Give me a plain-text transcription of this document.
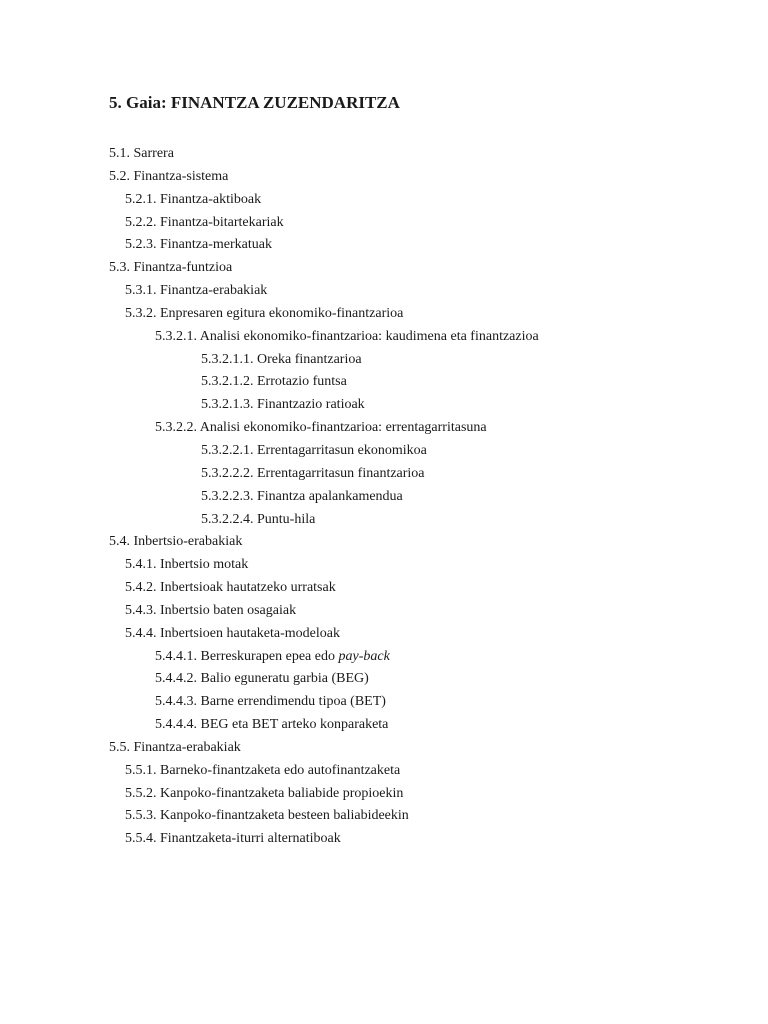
5. Gaia: FINANTZA ZUZENDARITZA
5.1. Sarrera
5.2. Finantza-sistema
5.2.1. Finantza-aktiboak
5.2.2. Finantza-bitartekariak
5.2.3. Finantza-merkatuak
5.3. Finantza-funtzioa
5.3.1. Finantza-erabakiak
5.3.2. Enpresaren egitura ekonomiko-finantzarioa
5.3.2.1. Analisi ekonomiko-finantzarioa: kaudimena eta finantzazioa
5.3.2.1.1. Oreka finantzarioa
5.3.2.1.2. Errotazio funtsa
5.3.2.1.3. Finantzazio ratioak
5.3.2.2. Analisi ekonomiko-finantzarioa: errentagarritasuna
5.3.2.2.1. Errentagarritasun ekonomikoa
5.3.2.2.2. Errentagarritasun finantzarioa
5.3.2.2.3. Finantza apalankamendua
5.3.2.2.4. Puntu-hila
5.4. Inbertsio-erabakiak
5.4.1. Inbertsio motak
5.4.2. Inbertsioak hautatzeko urratsak
5.4.3. Inbertsio baten osagaiak
5.4.4. Inbertsioen hautaketa-modeloak
5.4.4.1. Berreskurapen epea edo pay-back
5.4.4.2. Balio eguneratu garbia (BEG)
5.4.4.3. Barne errendimendu tipoa (BET)
5.4.4.4. BEG eta BET arteko konparaketa
5.5. Finantza-erabakiak
5.5.1. Barneko-finantzaketa edo autofinantzaketa
5.5.2. Kanpoko-finantzaketa baliabide propioekin
5.5.3. Kanpoko-finantzaketa besteen baliabideekin
5.5.4. Finantzaketa-iturri alternatiboak
